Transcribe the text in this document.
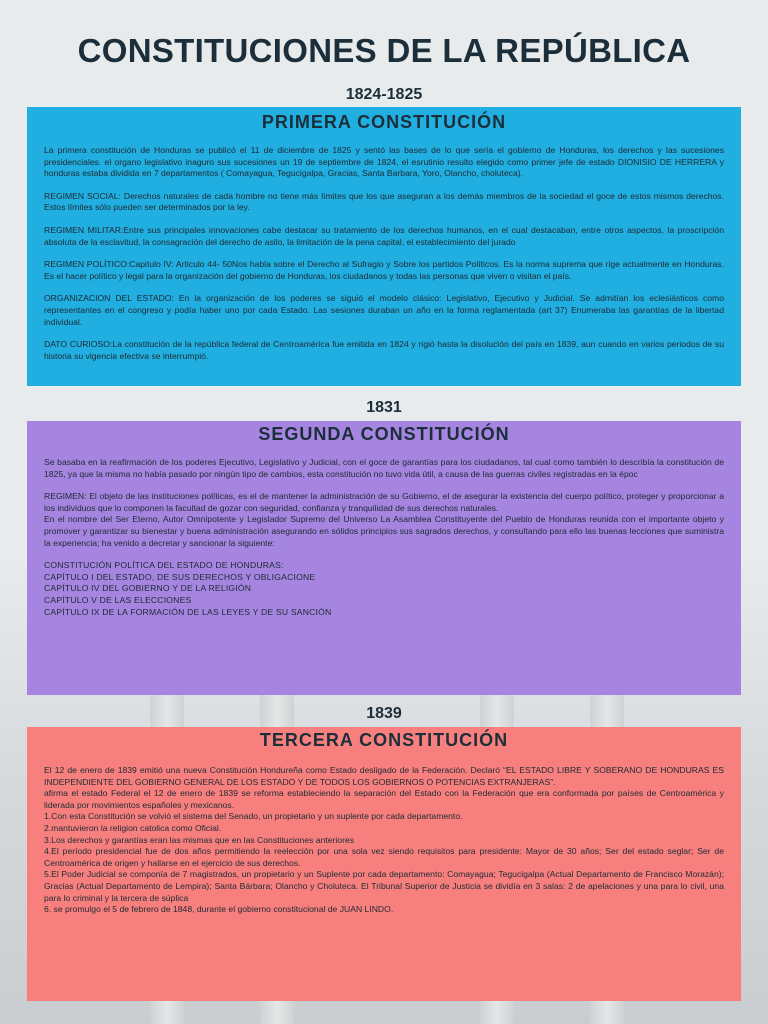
CONSTITUCIONES DE LA REPÚBLICA
1824-1825
PRIMERA CONSTITUCIÓN

La primera constitución de Honduras se publicó el 11 de diciembre de 1825 y sentó las bases de lo que sería el gobierno de Honduras, los derechos y las sucesiones presidenciales. el organo legislativo inaguro sus sucesiones un 19 de septiembre de 1824, el esrutinio resulto elegido como primer jefe de estado DIONISIO DE HERRERA y honduras estaba dividida en 7 departamentos ( Comayagua, Tegucigalpa, Gracias, Santa Barbara, Yoro, Olancho, choluteca).

REGIMEN SOCIAL: Derechos naturales de cada hombre no tiene más límites que los que aseguran a los demás miembros de la sociedad el goce de estos mismos derechos. Estos límites sólo pueden ser determinados por la ley.

REGIMEN MILITAR:Entre sus principales innovaciones cabe destacar su tratamiento de los derechos humanos, en el cual destacaban, entre otros aspectos, la proscripción absoluta de la esclavitud, la consagración del derecho de asilo, la limitación de la pena capital, el establecimiento del jurado

REGIMEN POLÍTICO:Capitulo IV: Articulo 44- 50Nos habla sobre el Derecho al Sufragio y Sobre los partidos Políticos. Es la norma suprema que rige actualmente en Honduras. Es el hacer político y legal para la organización del gobierno de Honduras, los ciudadanos y todas las personas que viven o visitan el país.

ORGANIZACION DEL ESTADO: En la organización de los poderes se siguió el modelo clásico: Legislativo, Ejecutivo y Judicial. Se admitían los eclesiásticos como representantes en el congreso y podía haber uno por cada Estado. Las sesiones duraban un año en la forma reglamentada (art 37) Enumeraba las garantías de la libertad individual.

DATO CURIOSO:La constitución de la república federal de Centroamérica fue emitida en 1824 y rigió hasta la disolución del país en 1839, aun cuando en varios periodos de su historia su vigencia efectiva se interrumpió.

1831
SEGUNDA CONSTITUCIÓN

Se basaba en la reafirmación de los poderes Ejecutivo, Legislativo y Judicial, con el goce de garantías para los ciudadanos, tal cual como también lo describía la constitución de 1825, ya que la misma no había pasado por ningún tipo de cambios, esta constitución no tuvo vida útil, a causa de las guerras civiles registradas en la époc

REGIMEN: El objeto de las instituciones políticas, es el de mantener la administración de su Gobierno, el de asegurar la existencia del cuerpo político, proteger y proporcionar a los individuos que lo componen la facultad de gozar con seguridad, confianza y tranquilidad de sus derechos naturales.

En el nombre del Ser Eterno, Autor Omnipotente y Legislador Supremo del Universo La Asamblea Constituyente del Pueblo de Honduras reunida con el importante objeto y promover y garantizar su bienestar y buena administración asegurando en sólidos principios sus sagrados derechos, y consultando para ello las buenas lecciones que suministra la experiencia; ha venido a decretar y sancionar la siguiente:

CONSTITUCIÓN POLÍTICA DEL ESTADO DE HONDURAS:

CAPÍTULO I DEL ESTADO, DE SUS DERECHOS Y OBLIGACIONE

CAPÍTULO IV DEL GOBIERNO Y DE LA RELIGIÓN

CAPÍTULO V DE LAS ELECCIONES

CAPÍTULO IX DE LA FORMACIÓN DE LAS LEYES Y DE SU SANCIÓN

1839
TERCERA CONSTITUCIÓN

El 12 de enero de 1839 emitió una nueva Constitución Hondureña como Estado desligado de la Federación. Declaró “EL ESTADO LIBRE Y SOBERANO DE HONDURAS ES INDEPENDIENTE DEL GOBIERNO GENERAL DE LOS ESTADO Y DE TODOS LOS GOBIERNOS O POTENCIAS EXTRANJERAS”.

afirma el estado Federal el 12 de enero de 1839 se reforma estableciendo la separación del Estado con la Federación que era conformada por países de Centroamérica y liderada por movimientos españoles y mexicanos.

1.Con esta Constitución se volvió el sistema del Senado, un propietario y un suplente por cada departamento.

2.mantuvieron la religion catolica como Oficial.

3.Los derechos y garantías eran las mismas que en las Constituciones anteriores

4.El período presidencial fue de dos años permitiendo la reelección por una sola vez siendo requisitos para presidente: Mayor de 30 años; Ser del estado seglar; Ser de Centroamérica de origen y hallarse en el ejercicio de sus derechos.

5.El Poder Judicial se componía de 7 magistrados, un propietario y un Suplente por cada departamento: Comayagua; Tegucigalpa (Actual Departamento de Francisco Morazán); Gracias (Actual Departamento de Lempira); Santa Bárbara; Olancho y Choluteca. El Tribunal Superior de Justicia se dividía en 3 salas: 2 de apelaciones y una para lo civil, una para lo criminal y la tercera de súplica

6. se promulgo el 5 de febrero de 1848, durante el gobierno constitucional de JUAN LINDO.
